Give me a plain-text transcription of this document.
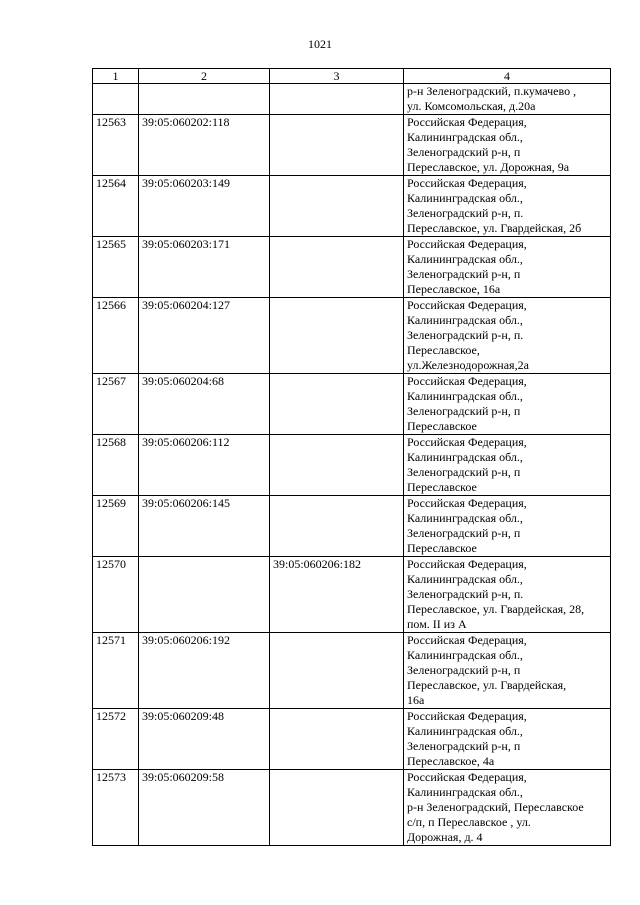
1021
1	2	3	4
			р-н Зеленоградский, п.кумачево ,
ул. Комсомольская, д.20а
12563	39:05:060202:118		Российская Федерация,
Калининградская обл.,
Зеленоградский р-н, п
Переславское, ул. Дорожная, 9а
12564	39:05:060203:149		Российская Федерация,
Калининградская обл.,
Зеленоградский р-н, п.
Переславское, ул. Гвардейская, 2б
12565	39:05:060203:171		Российская Федерация,
Калининградская обл.,
Зеленоградский р-н, п
Переславское, 16а
12566	39:05:060204:127		Российская Федерация,
Калининградская обл.,
Зеленоградский р-н, п.
Переславское,
ул.Железнодорожная,2а
12567	39:05:060204:68		Российская Федерация,
Калининградская обл.,
Зеленоградский р-н, п
Переславское
12568	39:05:060206:112		Российская Федерация,
Калининградская обл.,
Зеленоградский р-н, п
Переславское
12569	39:05:060206:145		Российская Федерация,
Калининградская обл.,
Зеленоградский р-н, п
Переславское
12570		39:05:060206:182	Российская Федерация,
Калининградская обл.,
Зеленоградский р-н, п.
Переславское, ул. Гвардейская, 28,
пом. II из А
12571	39:05:060206:192		Российская Федерация,
Калининградская обл.,
Зеленоградский р-н, п
Переславское, ул. Гвардейская,
16а
12572	39:05:060209:48		Российская Федерация,
Калининградская обл.,
Зеленоградский р-н, п
Переславское, 4а
12573	39:05:060209:58		Российская Федерация,
Калининградская обл.,
р-н Зеленоградский, Переславское
с/п, п Переславское , ул.
Дорожная, д. 4
